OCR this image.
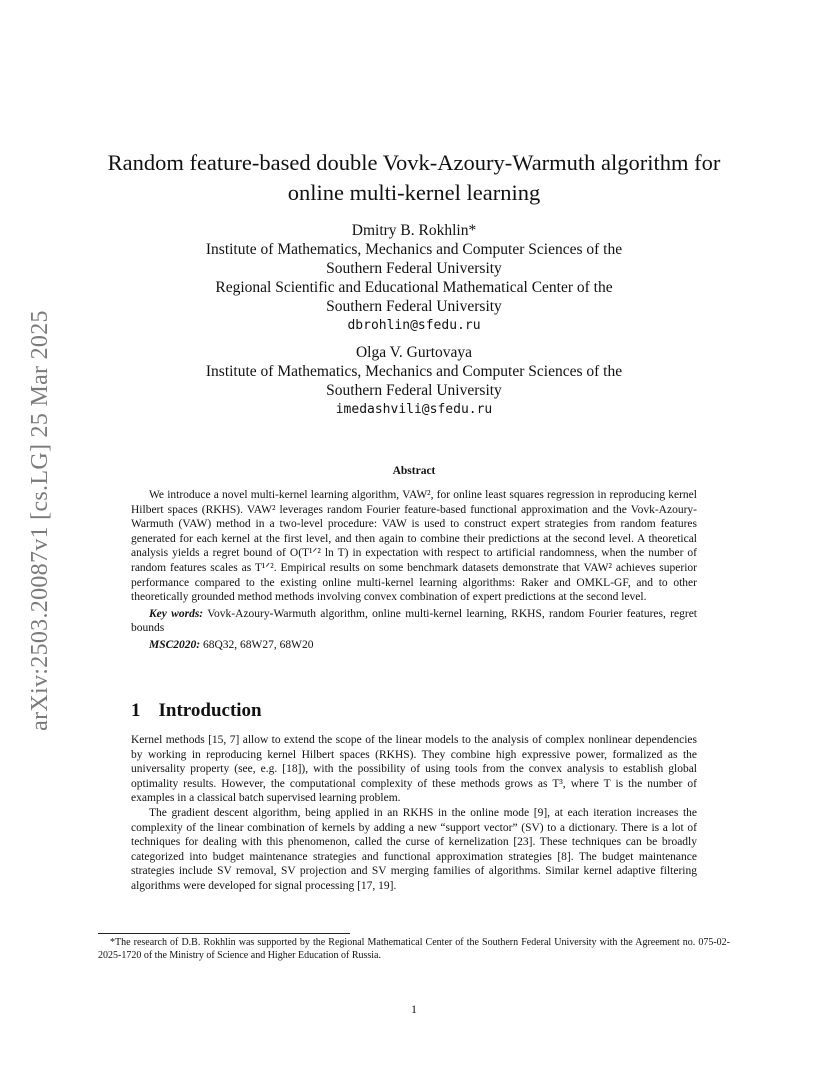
arXiv:2503.20087v1 [cs.LG] 25 Mar 2025
Random feature-based double Vovk-Azoury-Warmuth algorithm for
online multi-kernel learning
Dmitry B. Rokhlin*
Institute of Mathematics, Mechanics and Computer Sciences of the
Southern Federal University
Regional Scientific and Educational Mathematical Center of the
Southern Federal University
dbrohlin@sfedu.ru
Olga V. Gurtovaya
Institute of Mathematics, Mechanics and Computer Sciences of the
Southern Federal University
imedashvili@sfedu.ru
Abstract

We introduce a novel multi-kernel learning algorithm, VAW², for online least squares regression in reproducing kernel Hilbert spaces (RKHS). VAW² leverages random Fourier feature-based functional approximation and the Vovk-Azoury-Warmuth (VAW) method in a two-level procedure: VAW is used to construct expert strategies from random features generated for each kernel at the first level, and then again to combine their predictions at the second level. A theoretical analysis yields a regret bound of O(T¹ᐟ² ln T) in expectation with respect to artificial randomness, when the number of random features scales as T¹ᐟ². Empirical results on some benchmark datasets demonstrate that VAW² achieves superior performance compared to the existing online multi-kernel learning algorithms: Raker and OMKL-GF, and to other theoretically grounded method methods involving convex combination of expert predictions at the second level.

Key words: Vovk-Azoury-Warmuth algorithm, online multi-kernel learning, RKHS, random Fourier features, regret bounds
MSC2020: 68Q32, 68W27, 68W20
1 Introduction

Kernel methods [15, 7] allow to extend the scope of the linear models to the analysis of complex nonlinear dependencies by working in reproducing kernel Hilbert spaces (RKHS). They combine high expressive power, formalized as the universality property (see, e.g. [18]), with the possibility of using tools from the convex analysis to establish global optimality results. However, the computational complexity of these methods grows as T³, where T is the number of examples in a classical batch supervised learning problem.

The gradient descent algorithm, being applied in an RKHS in the online mode [9], at each iteration increases the complexity of the linear combination of kernels by adding a new “support vector” (SV) to a dictionary. There is a lot of techniques for dealing with this phenomenon, called the curse of kernelization [23]. These techniques can be broadly categorized into budget maintenance strategies and functional approximation strategies [8]. The budget maintenance strategies include SV removal, SV projection and SV merging families of algorithms. Similar kernel adaptive filtering algorithms were developed for signal processing [17, 19].

*The research of D.B. Rokhlin was supported by the Regional Mathematical Center of the Southern Federal University with the Agreement no. 075-02-2025-1720 of the Ministry of Science and Higher Education of Russia.
1
